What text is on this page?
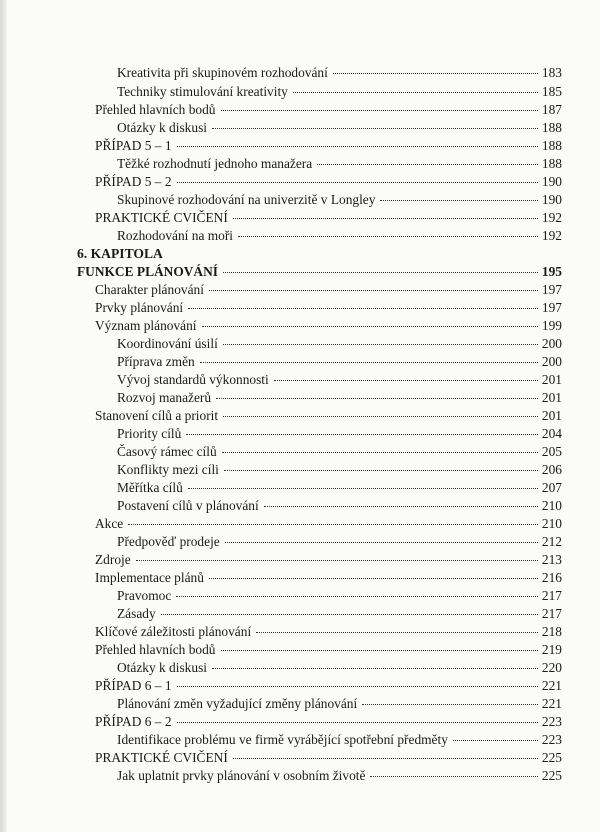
6. KAPITOLA
Kreativita při skupinovém rozhodování	183
Techniky stimulování kreativity	185
Přehled hlavních bodů	187
Otázky k diskusi	188
PŘÍPAD 5 – 1	188
Těžké rozhodnutí jednoho manažera	188
PŘÍPAD 5 – 2	190
Skupinové rozhodování na univerzitě v Longley	190
PRAKTICKÉ CVIČENÍ	192
Rozhodování na moři	192
FUNKCE PLÁNOVÁNÍ	195
Charakter plánování	197
Prvky plánování	197
Význam plánování	199
Koordinování úsilí	200
Příprava změn	200
Vývoj standardů výkonnosti	201
Rozvoj manažerů	201
Stanovení cílů a priorit	201
Priority cílů	204
Časový rámec cílů	205
Konflikty mezi cíli	206
Měřítka cílů	207
Postavení cílů v plánování	210
Akce	210
Předpověď prodeje	212
Zdroje	213
Implementace plánů	216
Pravomoc	217
Zásady	217
Klíčové záležitosti plánování	218
Přehled hlavních bodů	219
Otázky k diskusi	220
PŘÍPAD 6 – 1	221
Plánování změn vyžadující změny plánování	221
PŘÍPAD 6 – 2	223
Identifikace problému ve firmě vyrábějící spotřební předměty	223
PRAKTICKÉ CVIČENÍ	225
Jak uplatnit prvky plánování v osobním životě	225
